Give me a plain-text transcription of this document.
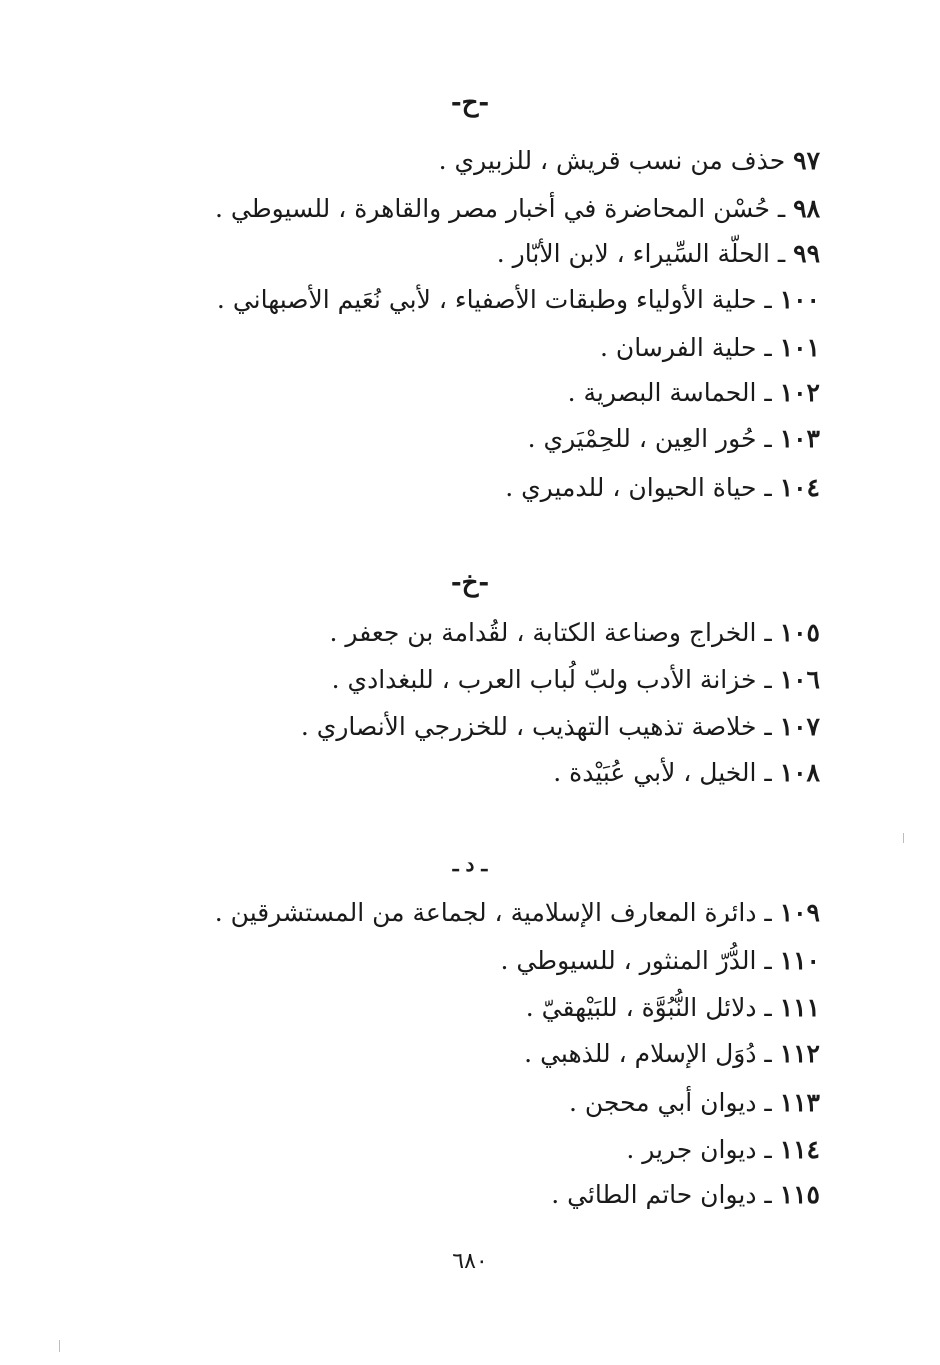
-ح-
٩٧ حذف من نسب قريش ، للزبيري .
٩٨ ـ حُسْن المحاضرة في أخبار مصر والقاهرة ، للسيوطي .
٩٩ ـ الحلّة السِّيراء ، لابن الأبّار .
١٠٠ ـ حلية الأولياء وطبقات الأصفياء ، لأبي نُعَيم الأصبهاني .
١٠١ ـ حلية الفرسان .
١٠٢ ـ الحماسة البصرية .
١٠٣ ـ حُور العِين ، للحِمْيَري .
١٠٤ ـ حياة الحيوان ، للدميري .
-خ-
١٠٥ ـ الخراج وصناعة الكتابة ، لقُدامة بن جعفر .
١٠٦ ـ خزانة الأدب ولبّ لُباب العرب ، للبغدادي .
١٠٧ ـ خلاصة تذهيب التهذيب ، للخزرجي الأنصاري .
١٠٨ ـ الخيل ، لأبي عُبَيْدة .
ـ د ـ
١٠٩ ـ دائرة المعارف الإسلامية ، لجماعة من المستشرقين .
١١٠ ـ الدُّرّ المنثور ، للسيوطي .
١١١ ـ دلائل النُّبُوَّة ، للبَيْهقيّ .
١١٢ ـ دُوَل الإسلام ، للذهبي .
١١٣ ـ ديوان أبي محجن .
١١٤ ـ ديوان جرير .
١١٥ ـ ديوان حاتم الطائي .
٦٨٠
